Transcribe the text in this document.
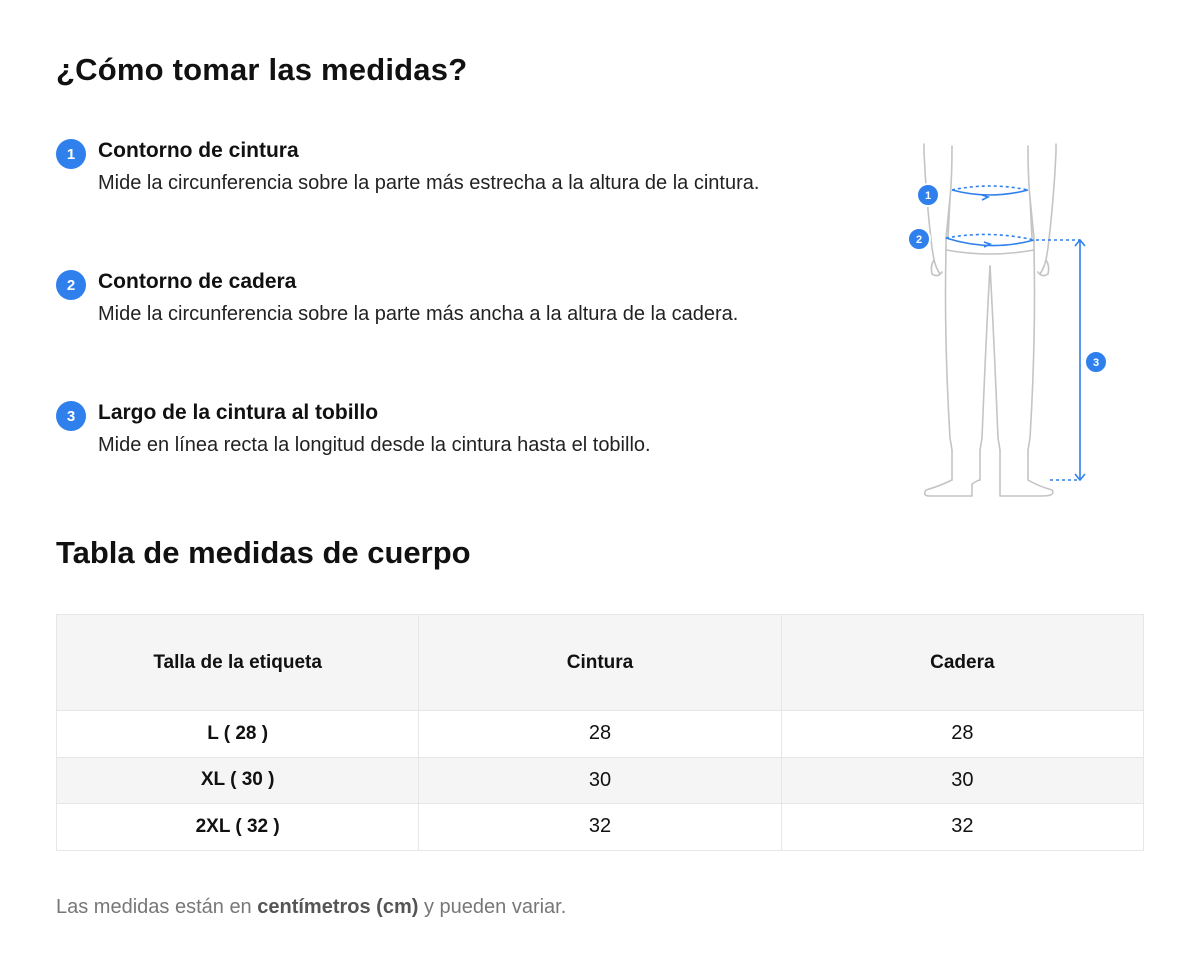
¿Cómo tomar las medidas?
1	Contorno de cintura
Mide la circunferencia sobre la parte más estrecha a la altura de la cintura.
2	Contorno de cadera
Mide la circunferencia sobre la parte más ancha a la altura de la cadera.
3	Largo de la cintura al tobillo
Mide en línea recta la longitud desde la cintura hasta el tobillo.
1
2
3
Tabla de medidas de cuerpo
Talla de la etiqueta	Cintura	Cadera
L ( 28 )	28	28
XL ( 30 )	30	30
2XL ( 32 )	32	32

Las medidas están en centímetros (cm) y pueden variar.
